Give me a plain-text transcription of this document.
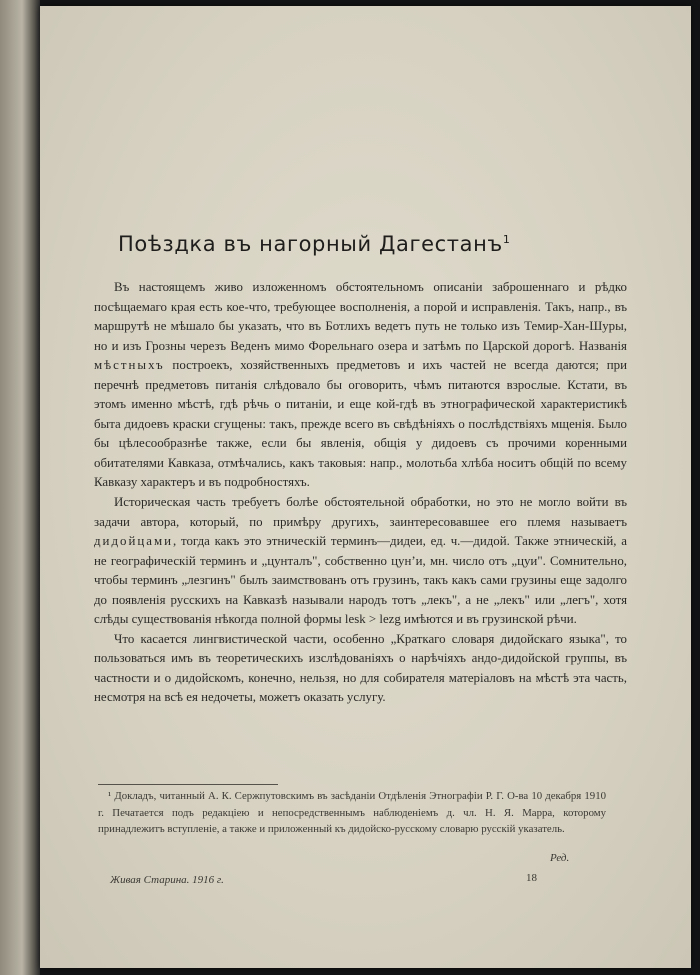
Поѣздка въ нагорный Дагестанъ$^1$

Въ настоящемъ живо изложенномъ обстоятельномъ описаніи заброшеннаго и рѣдко посѣщаемаго края есть кое-что, требующее восполненія, а порой и исправленія. Такъ, напр., въ маршрутѣ не мѣшало бы указать, что въ Ботлихъ ведетъ путь не только изъ Темир-Хан-Шуры, но и изъ Грозны черезъ Веденъ мимо Форельнаго озера и затѣмъ по Царской дорогѣ. Названія мѣстныхъ построекъ, хозяйственныхъ предметовъ и ихъ частей не всегда даются; при перечнѣ предметовъ питанія слѣдовало бы оговорить, чѣмъ питаются взрослые. Кстати, въ этомъ именно мѣстѣ, гдѣ рѣчь о питаніи, и еще кой-гдѣ въ этнографической характеристикѣ быта дидоевъ краски сгущены: такъ, прежде всего въ свѣдѣніяхъ о послѣдствіяхъ мщенія. Было бы цѣлесообразнѣе также, если бы явленія, общія у дидоевъ съ прочими коренными обитателями Кавказа, отмѣчались, какъ таковыя: напр., молотьба хлѣба носитъ общій по всему Кавказу характеръ и въ подробностяхъ.

Историческая часть требуетъ болѣе обстоятельной обработки, но это не могло войти въ задачи автора, который, по примѣру другихъ, заинтересовавшее его племя называетъ дидойцами, тогда какъ это этническій терминъ—дидеи, ед. ч.—дидой. Также этническій, а не географическій терминъ и „цунталъ", собственно цунʼи, мн. число отъ „цуи". Сомнительно, чтобы терминъ „лезгинъ" былъ заимствованъ отъ грузинъ, такъ какъ сами грузины еще задолго до появленія русскихъ на Кавказѣ называли народъ тотъ „лекъ", а не „лекъ" или „легъ", хотя слѣды существованія нѣкогда полной формы lesk > lezg имѣются и въ грузинской рѣчи.

Что касается лингвистической части, особенно „Краткаго словаря дидойскаго языка", то пользоваться имъ въ теоретическихъ изслѣдованіяхъ о нарѣчіяхъ андо-дидойской группы, въ частности и о дидойскомъ, конечно, нельзя, но для собирателя матеріаловъ на мѣстѣ эта часть, несмотря на всѣ ея недочеты, можетъ оказать услугу.

¹ Докладъ, читанный А. К. Сержпутовскимъ въ засѣданіи Отдѣленія Этнографіи Р. Г. О-ва 10 декабря 1910 г. Печатается подъ редакціею и непосредственнымъ наблюденіемъ д. чл. Н. Я. Марра, которому принадлежитъ вступленіе, а также и приложенный къ дидойско-русскому словарю русскій указатель.

Ред.
Живая Старина. 1916 г.	18
